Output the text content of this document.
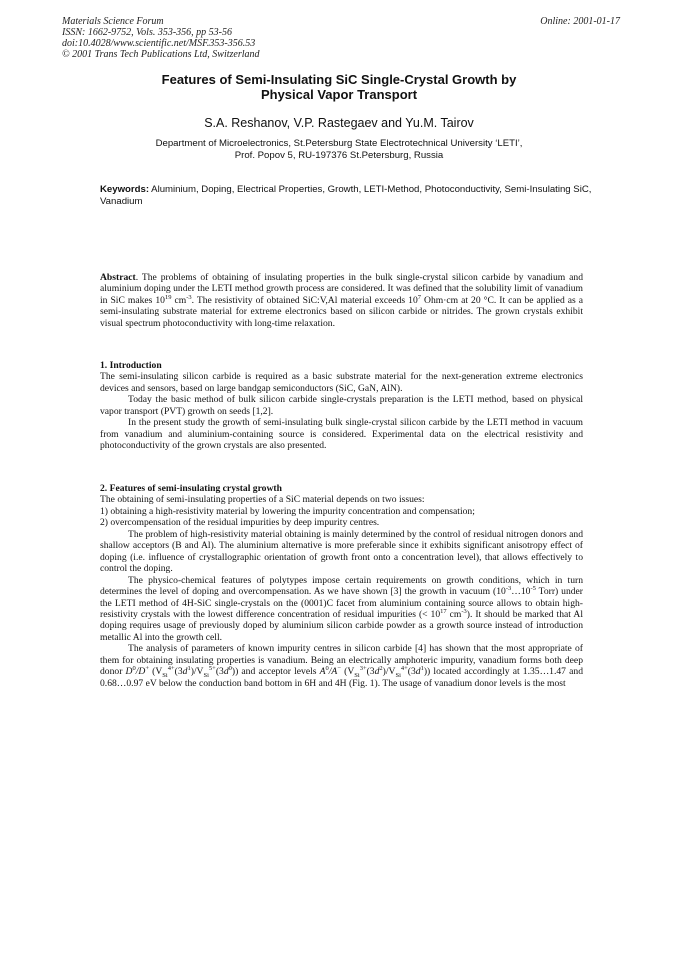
Materials Science Forum
ISSN: 1662-9752, Vols. 353-356, pp 53-56
doi:10.4028/www.scientific.net/MSF.353-356.53
© 2001 Trans Tech Publications Ltd, Switzerland
Online: 2001-01-17
Features of Semi-Insulating SiC Single-Crystal Growth by
Physical Vapor Transport
S.A. Reshanov, V.P. Rastegaev and Yu.M. Tairov
Department of Microelectronics, St.Petersburg State Electrotechnical University ‘LETI’,
Prof. Popov 5, RU-197376 St.Petersburg, Russia
Keywords: Aluminium, Doping, Electrical Properties, Growth, LETI-Method, Photoconductivity, Semi-Insulating SiC, Vanadium

Abstract. The problems of obtaining of insulating properties in the bulk single-crystal silicon carbide by vanadium and aluminium doping under the LETI method growth process are considered. It was defined that the solubility limit of vanadium in SiC makes $10^{19}$ $cm^{-3}$. The resistivity of obtained SiC:V,Al material exceeds $10^7$ Ohm·cm at 20 °C. It can be applied as a semi-insulating substrate material for extreme electronics based on silicon carbide or nitrides. The grown crystals exhibit visual spectrum photoconductivity with long-time relaxation.

1. Introduction

The semi-insulating silicon carbide is required as a basic substrate material for the next-generation extreme electronics devices and sensors, based on large bandgap semiconductors (SiC, GaN, AlN).

Today the basic method of bulk silicon carbide single-crystals preparation is the LETI method, based on physical vapor transport (PVT) growth on seeds [1,2].

In the present study the growth of semi-insulating bulk single-crystal silicon carbide by the LETI method in vacuum from vanadium and aluminium-containing source is considered. Experimental data on the electrical resistivity and photoconductivity of the grown crystals are also presented.

2. Features of semi-insulating crystal growth

The obtaining of semi-insulating properties of a SiC material depends on two issues:

1) obtaining a high-resistivity material by lowering the impurity concentration and compensation;

2) overcompensation of the residual impurities by deep impurity centres.

The problem of high-resistivity material obtaining is mainly determined by the control of residual nitrogen donors and shallow acceptors (B and Al). The aluminium alternative is more preferable since it exhibits significant anisotropy effect of doping (i.e. influence of crystallographic orientation of growth front onto a concentration level), that allows effectively to control the doping.

The physico-chemical features of polytypes impose certain requirements on growth conditions, which in turn determines the level of doping and overcompensation. As we have shown [3] the growth in vacuum ($10^{-3}\dots 10^{-5}$ Torr) under the LETI method of 4H-SiC single-crystals on the (0001)C facet from aluminium containing source allows to obtain high-resistivity crystals with the lowest difference concentration of residual impurities (< $10^{17}$ $cm^{-3}$). It should be marked that Al doping requires usage of previously doped by aluminium silicon carbide powder as a growth source instead of introduction metallic Al into the growth cell.

The analysis of parameters of known impurity centres in silicon carbide [4] has shown that the most appropriate of them for obtaining insulating properties is vanadium. Being an electrically amphoteric impurity, vanadium forms both deep donor $D^0/D^+$ $(V_{Si}^{4+}(3d^1)/V_{Si}^{5+}(3d^0))$ and acceptor levels $A^0/A^-$ $(V_{Si}^{3+}(3d^2)/V_{Si}^{4+}(3d^1))$ located accordingly at 1.35…1.47 and 0.68…0.97 eV below the conduction band bottom in 6H and 4H (Fig. 1). The usage of vanadium donor levels is the most
